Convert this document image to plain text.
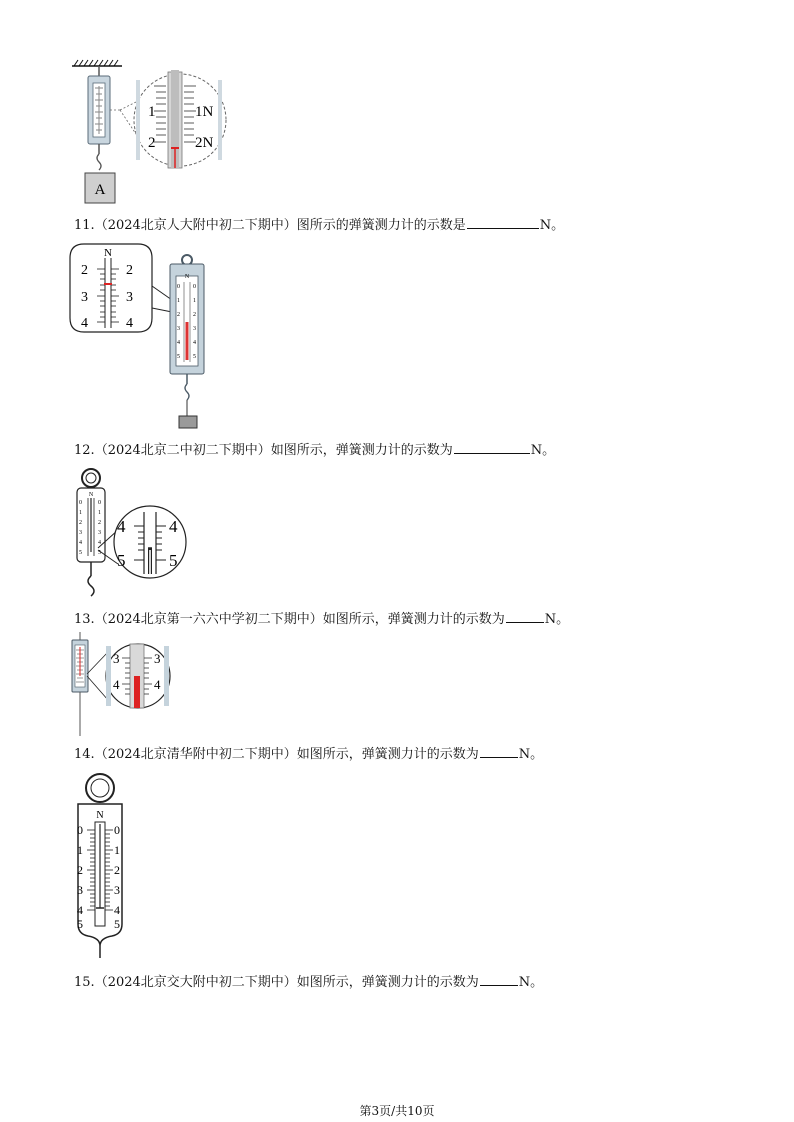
A
1
2
1N
2N
11.（2024北京人大附中初二下期中）图所示的弹簧测力计的示数是	N。
N
2
3
4
2
3
4
N
0
1
2
3
4
5
0
1
2
3
4
5
12.（2024北京二中初二下期中）如图所示，弹簧测力计的示数为	N。
N
0
1
2
3
4
5
0
1
2
3
4
5
4
5
4
5
13.（2024北京第一六六中学初二下期中）如图所示，弹簧测力计的示数为	N。
3
4
3
4
14.（2024北京清华附中初二下期中）如图所示，弹簧测力计的示数为	N。
N
0
1
2
3
4
5
0
1
2
3
4
5
15.（2024北京交大附中初二下期中）如图所示，弹簧测力计的示数为	N。
第3页/共10页
